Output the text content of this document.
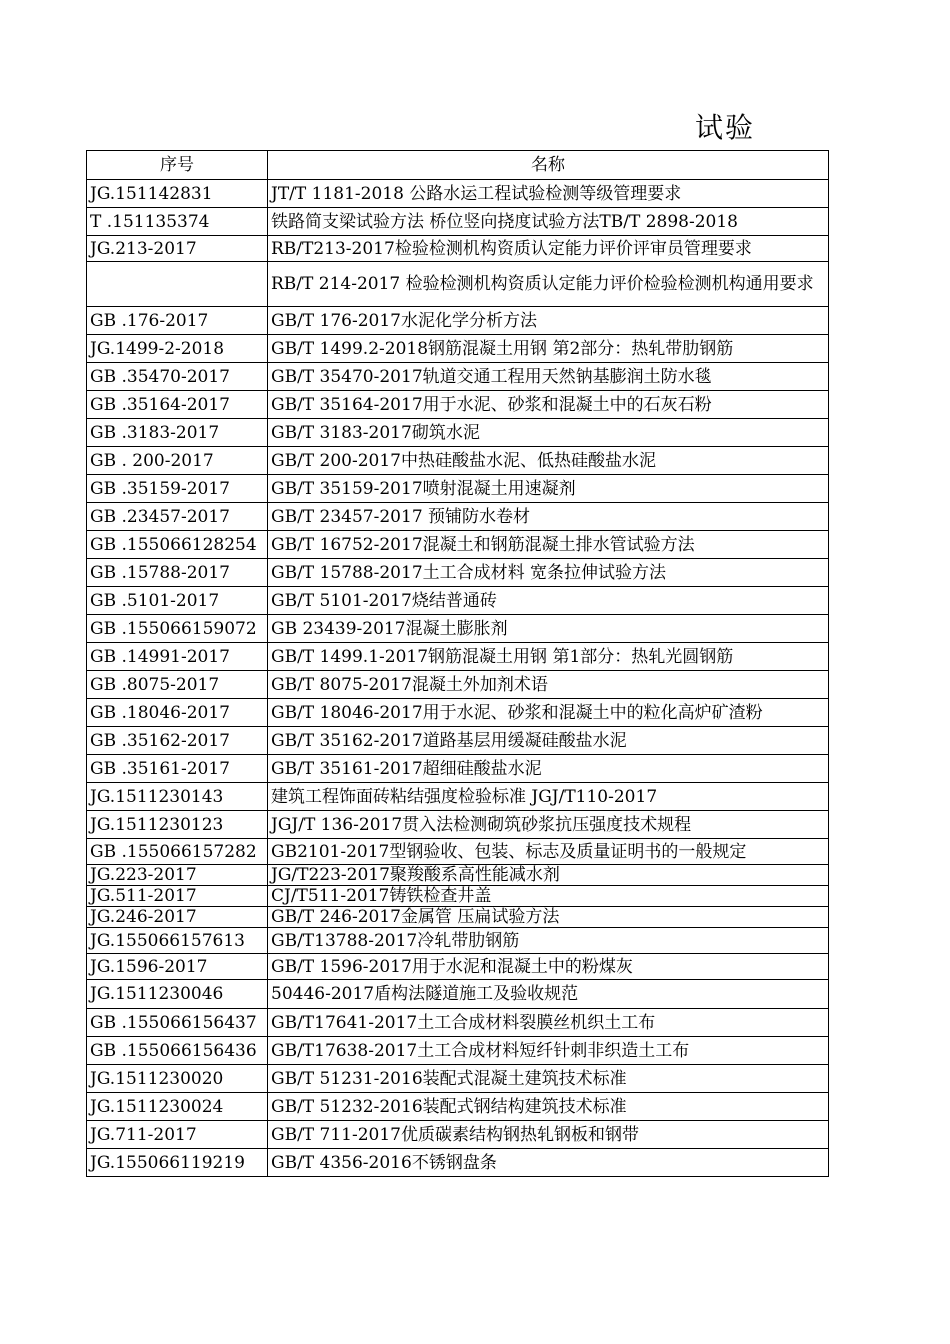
试验
序号	名称
JG.151142831	JT/T 1181-2018 公路水运工程试验检测等级管理要求
T .151135374	铁路简支梁试验方法 桥位竖向挠度试验方法TB/T 2898-2018
JG.213-2017	RB/T213-2017检验检测机构资质认定能力评价评审员管理要求
	RB/T 214-2017 检验检测机构资质认定能力评价检验检测机构通用要求
GB .176-2017	GB/T 176-2017水泥化学分析方法
JG.1499-2-2018	GB/T 1499.2-2018钢筋混凝土用钢 第2部分：热轧带肋钢筋
GB .35470-2017	GB/T 35470-2017轨道交通工程用天然钠基膨润土防水毯
GB .35164-2017	GB/T 35164-2017用于水泥、砂浆和混凝土中的石灰石粉
GB .3183-2017	GB/T 3183-2017砌筑水泥
GB . 200-2017	GB/T 200-2017中热硅酸盐水泥、低热硅酸盐水泥
GB .35159-2017	GB/T 35159-2017喷射混凝土用速凝剂
GB .23457-2017	GB/T 23457-2017 预铺防水卷材
GB .155066128254	GB/T 16752-2017混凝土和钢筋混凝土排水管试验方法
GB .15788-2017	GB/T 15788-2017土工合成材料 宽条拉伸试验方法
GB .5101-2017	GB/T 5101-2017烧结普通砖
GB .155066159072	GB 23439-2017混凝土膨胀剂
GB .14991-2017	GB/T 1499.1-2017钢筋混凝土用钢 第1部分：热轧光圆钢筋
GB .8075-2017	GB/T 8075-2017混凝土外加剂术语
GB .18046-2017	GB/T 18046-2017用于水泥、砂浆和混凝土中的粒化高炉矿渣粉
GB .35162-2017	GB/T 35162-2017道路基层用缓凝硅酸盐水泥
GB .35161-2017	GB/T 35161-2017超细硅酸盐水泥
JG.1511230143	建筑工程饰面砖粘结强度检验标准 JGJ/T110-2017
JG.1511230123	JGJ/T 136-2017贯入法检测砌筑砂浆抗压强度技术规程
GB .155066157282	GB2101-2017型钢验收、包装、标志及质量证明书的一般规定
JG.223-2017	JG/T223-2017聚羧酸系高性能减水剂
JG.511-2017	CJ/T511-2017铸铁检查井盖
JG.246-2017	GB/T 246-2017金属管 压扁试验方法
JG.155066157613	GB/T13788-2017冷轧带肋钢筋
JG.1596-2017	GB/T 1596-2017用于水泥和混凝土中的粉煤灰
JG.1511230046	50446-2017盾构法隧道施工及验收规范
GB .155066156437	GB/T17641-2017土工合成材料裂膜丝机织土工布
GB .155066156436	GB/T17638-2017土工合成材料短纤针刺非织造土工布
JG.1511230020	GB/T 51231-2016装配式混凝土建筑技术标准
JG.1511230024	GB/T 51232-2016装配式钢结构建筑技术标准
JG.711-2017	GB/T 711-2017优质碳素结构钢热轧钢板和钢带
JG.155066119219	GB/T 4356-2016不锈钢盘条
